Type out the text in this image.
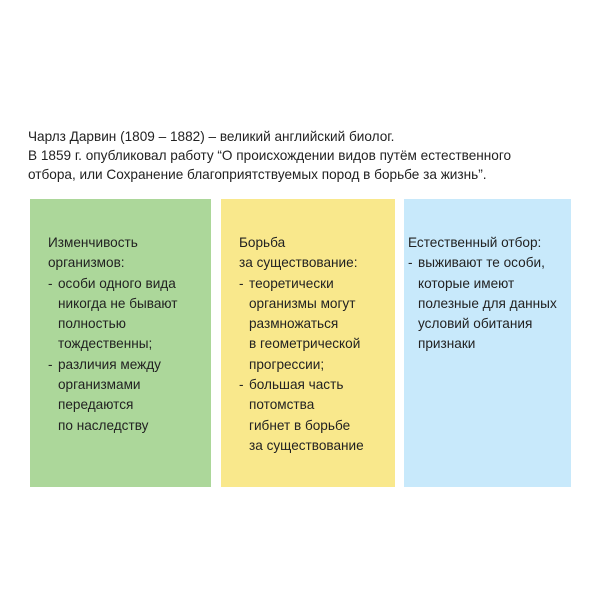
Чарлз Дарвин (1809 – 1882) – великий английский биолог.

В 1859 г. опубликовал работу “О происхождении видов путём естественного

отбора, или Сохранение благоприятствуемых пород в борьбе за жизнь”.

Изменчивость
организмов:
- особи одного вида
никогда не бывают
полностью
тождественны;
- различия между
организмами
передаются
по наследству
Борьба
за существование:
- теоретически
организмы могут
размножаться
в геометрической
прогрессии;
- большая часть
потомства
гибнет в борьбе
за существование
Естественный отбор:
- выживают те особи,
которые имеют
полезные для данных
условий обитания
признаки
